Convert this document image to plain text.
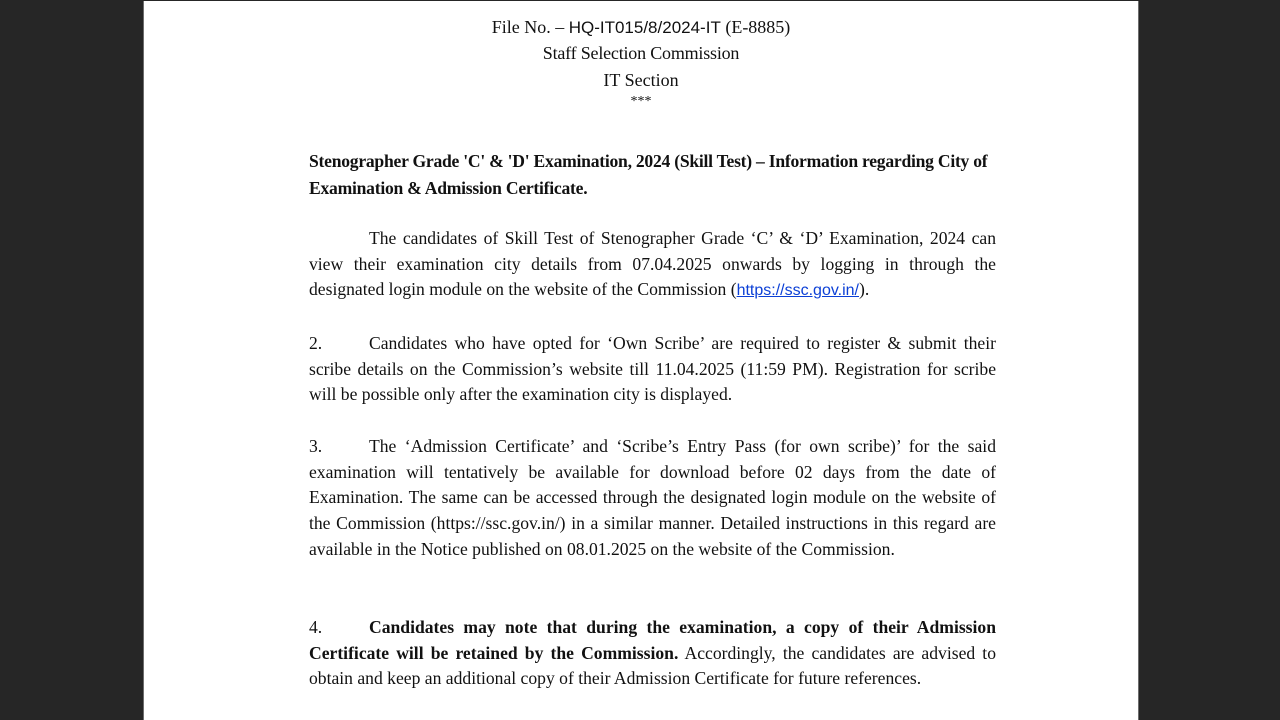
File No. – HQ-IT015/8/2024-IT (E-8885)
Staff Selection Commission
IT Section
***
Stenographer Grade 'C' & 'D' Examination, 2024 (Skill Test) – Information regarding City of Examination & Admission Certificate.
The candidates of Skill Test of Stenographer Grade ‘C’ & ‘D’ Examination, 2024 can view their examination city details from 07.04.2025 onwards by logging in through the designated login module on the website of the Commission (https://ssc.gov.in/).
2.	Candidates who have opted for ‘Own Scribe’ are required to register & submit their scribe details on the Commission’s website till 11.04.2025 (11:59 PM). Registration for scribe will be possible only after the examination city is displayed.
3.	The ‘Admission Certificate’ and ‘Scribe’s Entry Pass (for own scribe)’ for the said examination will tentatively be available for download before 02 days from the date of Examination. The same can be accessed through the designated login module on the website of the Commission (https://ssc.gov.in/) in a similar manner. Detailed instructions in this regard are available in the Notice published on 08.01.2025 on the website of the Commission.
4.	Candidates may note that during the examination, a copy of their Admission Certificate will be retained by the Commission. Accordingly, the candidates are advised to obtain and keep an additional copy of their Admission Certificate for future references.
